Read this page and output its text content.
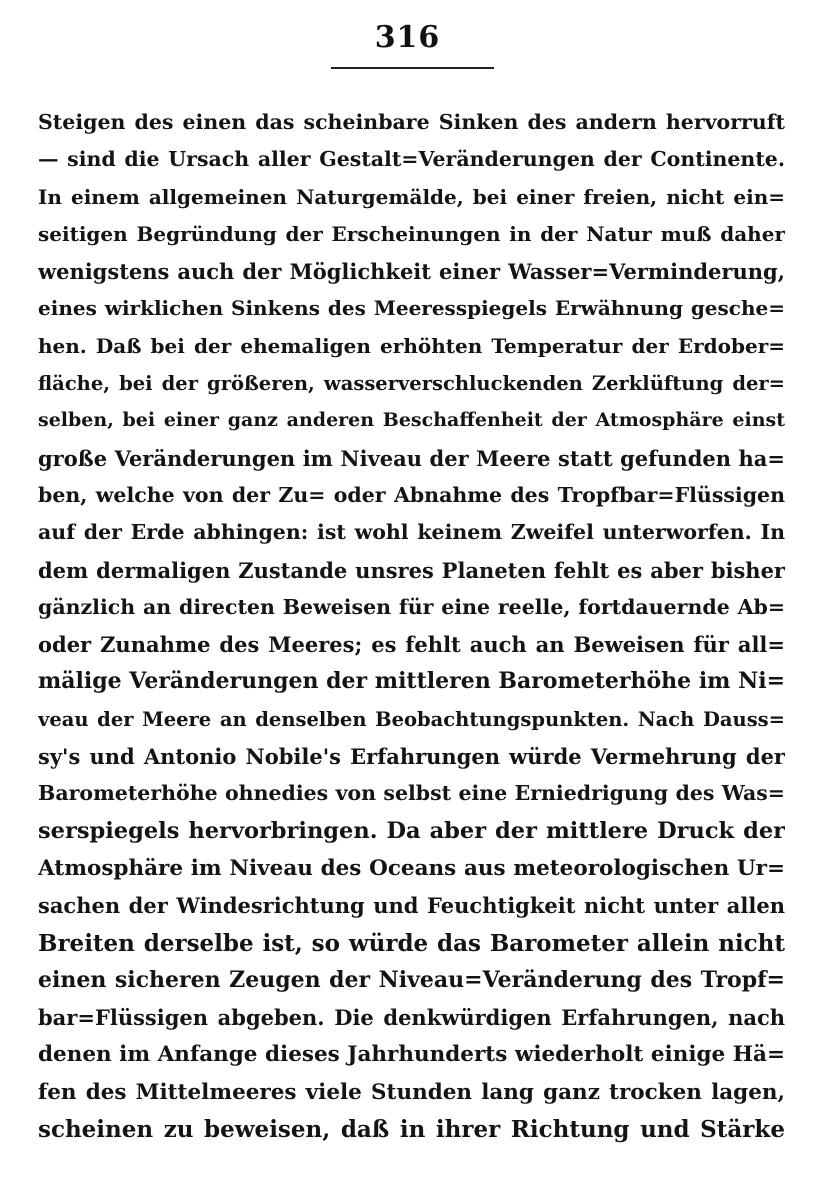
316
Steigen des einen das scheinbare Sinken des andern hervorruft
— sind die Ursach aller Gestalt=Veränderungen der Continente.
In einem allgemeinen Naturgemälde, bei einer freien, nicht ein=
seitigen Begründung der Erscheinungen in der Natur muß daher
wenigstens auch der Möglichkeit einer Wasser=Verminderung,
eines wirklichen Sinkens des Meeresspiegels Erwähnung gesche=
hen. Daß bei der ehemaligen erhöhten Temperatur der Erdober=
fläche, bei der größeren, wasserverschluckenden Zerklüftung der=
selben, bei einer ganz anderen Beschaffenheit der Atmosphäre einst
große Veränderungen im Niveau der Meere statt gefunden ha=
ben, welche von der Zu= oder Abnahme des Tropfbar=Flüssigen
auf der Erde abhingen: ist wohl keinem Zweifel unterworfen. In
dem dermaligen Zustande unsres Planeten fehlt es aber bisher
gänzlich an directen Beweisen für eine reelle, fortdauernde Ab=
oder Zunahme des Meeres; es fehlt auch an Beweisen für all=
mälige Veränderungen der mittleren Barometerhöhe im Ni=
veau der Meere an denselben Beobachtungspunkten. Nach Dauss=
sy's und Antonio Nobile's Erfahrungen würde Vermehrung der
Barometerhöhe ohnedies von selbst eine Erniedrigung des Was=
serspiegels hervorbringen. Da aber der mittlere Druck der
Atmosphäre im Niveau des Oceans aus meteorologischen Ur=
sachen der Windesrichtung und Feuchtigkeit nicht unter allen
Breiten derselbe ist, so würde das Barometer allein nicht
einen sicheren Zeugen der Niveau=Veränderung des Tropf=
bar=Flüssigen abgeben. Die denkwürdigen Erfahrungen, nach
denen im Anfange dieses Jahrhunderts wiederholt einige Hä=
fen des Mittelmeeres viele Stunden lang ganz trocken lagen,
scheinen zu beweisen, daß in ihrer Richtung und Stärke
